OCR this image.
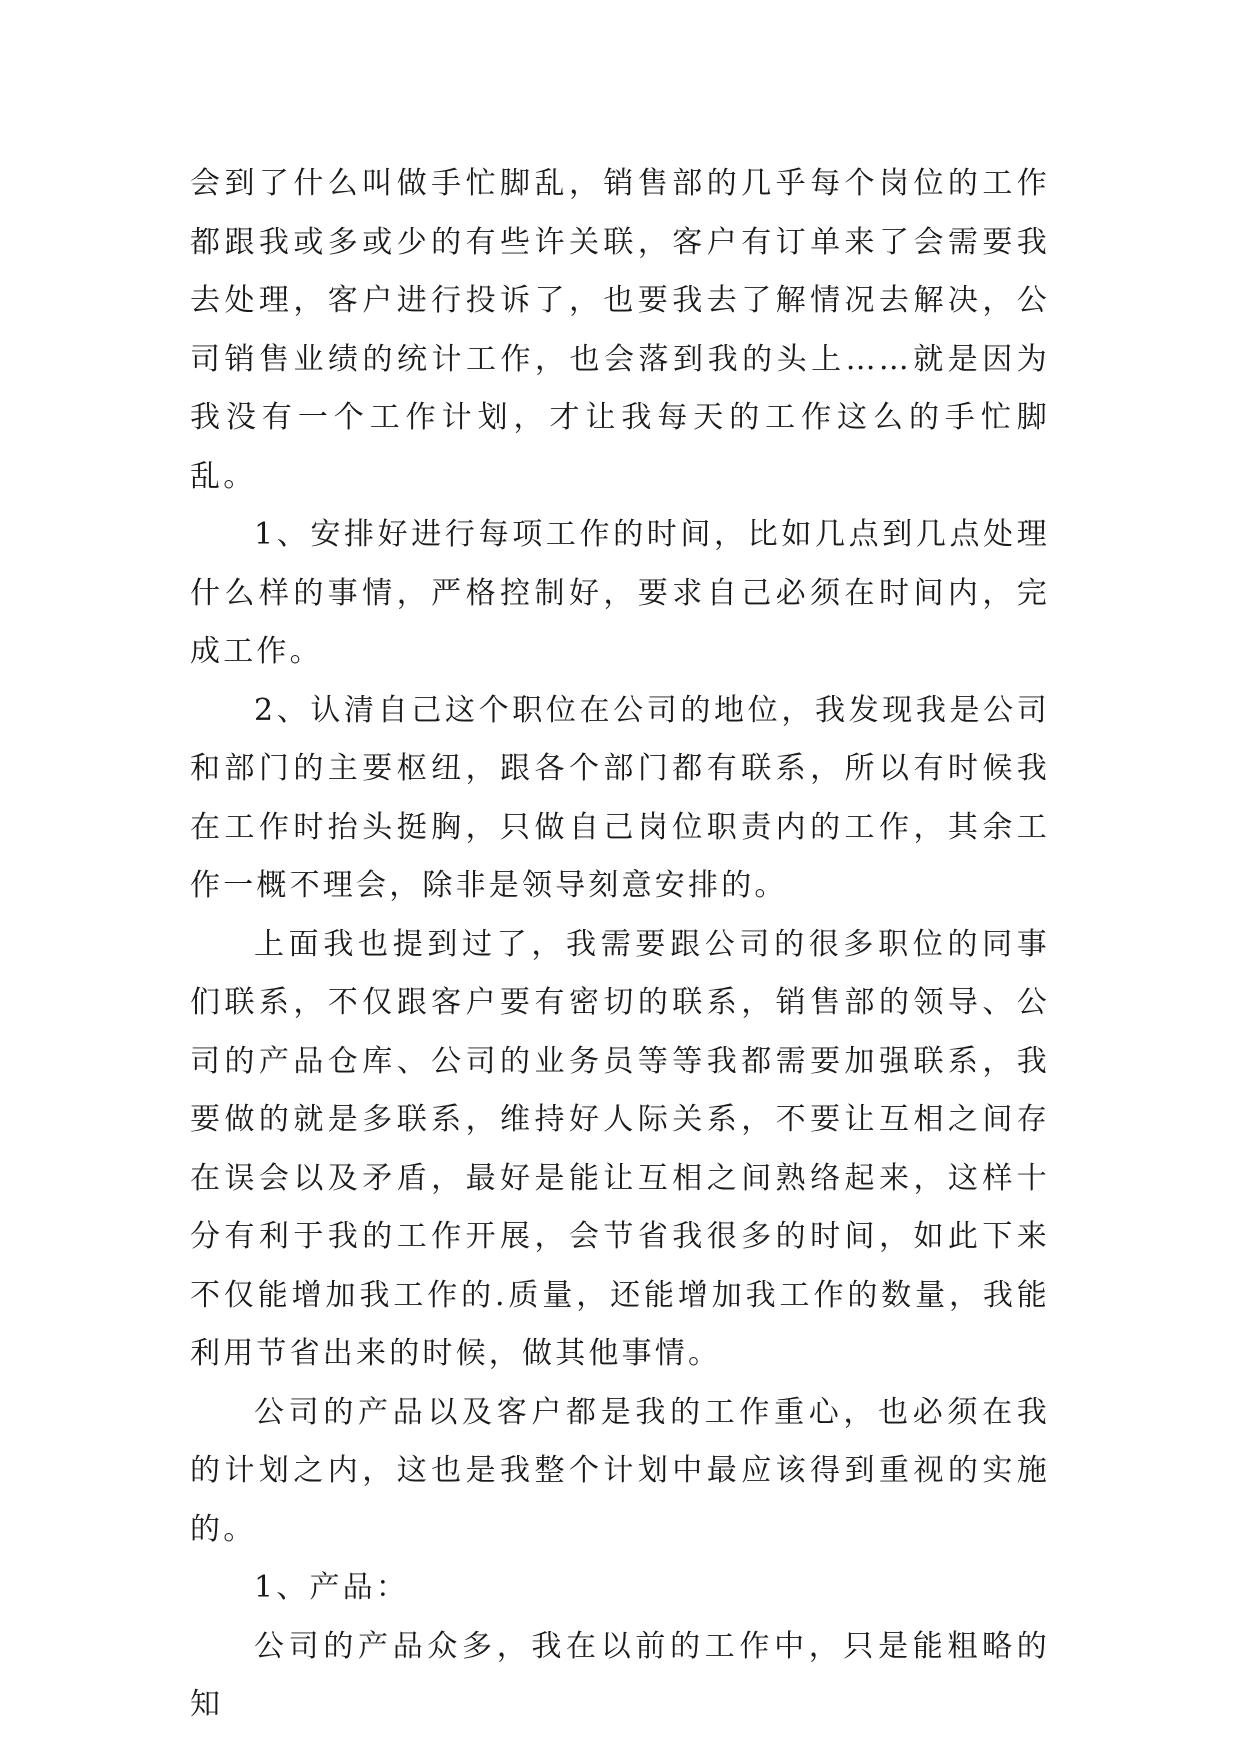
会到了什么叫做手忙脚乱，销售部的几乎每个岗位的工作都跟我或多或少的有些许关联，客户有订单来了会需要我去处理，客户进行投诉了，也要我去了解情况去解决，公司销售业绩的统计工作，也会落到我的头上……就是因为我没有一个工作计划，才让我每天的工作这么的手忙脚乱。

1、安排好进行每项工作的时间，比如几点到几点处理什么样的事情，严格控制好，要求自己必须在时间内，完成工作。

2、认清自己这个职位在公司的地位，我发现我是公司和部门的主要枢纽，跟各个部门都有联系，所以有时候我在工作时抬头挺胸，只做自己岗位职责内的工作，其余工作一概不理会，除非是领导刻意安排的。

上面我也提到过了，我需要跟公司的很多职位的同事们联系，不仅跟客户要有密切的联系，销售部的领导、公司的产品仓库、公司的业务员等等我都需要加强联系，我要做的就是多联系，维持好人际关系，不要让互相之间存在误会以及矛盾，最好是能让互相之间熟络起来，这样十分有利于我的工作开展，会节省我很多的时间，如此下来不仅能增加我工作的.质量，还能增加我工作的数量，我能利用节省出来的时候，做其他事情。

公司的产品以及客户都是我的工作重心，也必须在我的计划之内，这也是我整个计划中最应该得到重视的实施的。

1、产品：

公司的产品众多，我在以前的工作中，只是能粗略的知
